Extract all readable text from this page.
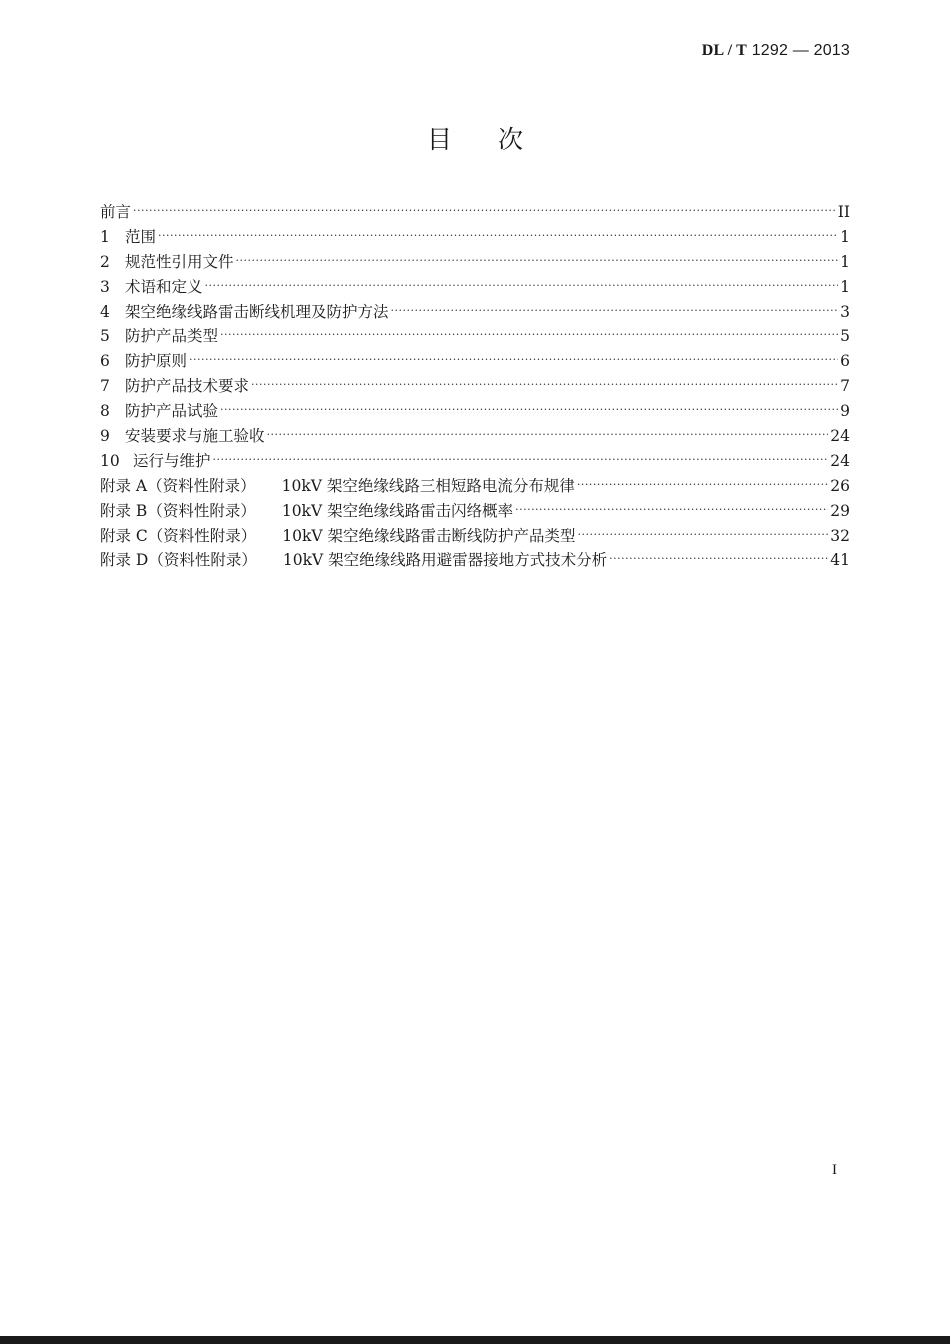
DL / T 1292 — 2013
目次
前言 ·····	II
1 范围 ·····	1
2 规范性引用文件 ·····	1
3 术语和定义 ·····	1
4 架空绝缘线路雷击断线机理及防护方法 ·····	3
5 防护产品类型 ·····	5
6 防护原则 ·····	6
7 防护产品技术要求 ·····	7
8 防护产品试验 ·····	9
9 安装要求与施工验收 ·····	24
10 运行与维护 ·····	24
附录 A（资料性附录） 10kV 架空绝缘线路三相短路电流分布规律 ·····	26
附录 B（资料性附录） 10kV 架空绝缘线路雷击闪络概率 ·····	29
附录 C（资料性附录） 10kV 架空绝缘线路雷击断线防护产品类型 ·····	32
附录 D（资料性附录） 10kV 架空绝缘线路用避雷器接地方式技术分析 ·····	41
I
